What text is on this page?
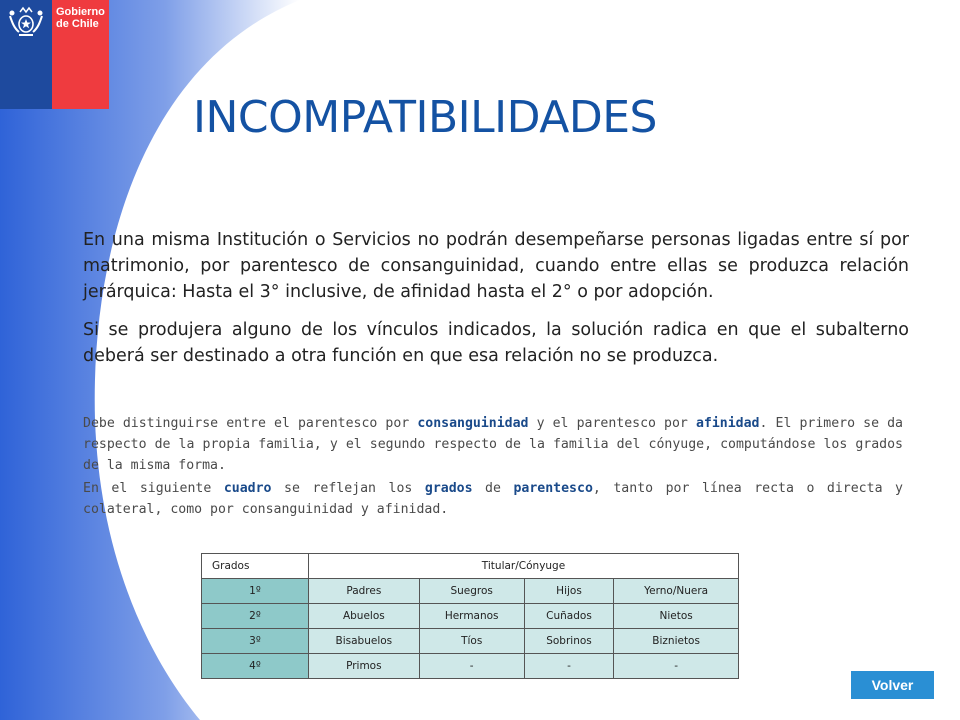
Gobierno
de Chile
INCOMPATIBILIDADES
En una misma Institución o Servicios no podrán desempeñarse personas ligadas entre sí por matrimonio, por parentesco de consanguinidad, cuando entre ellas se produzca relación jerárquica: Hasta el 3° inclusive, de afinidad hasta el 2° o por adopción.
Si se produjera alguno de los vínculos indicados, la solución radica en que el subalterno deberá ser destinado a otra función en que esa relación no se produzca.
Debe distinguirse entre el parentesco por consanguinidad y el parentesco por afinidad. El primero se da respecto de la propia familia, y el segundo respecto de la familia del cónyuge, computándose los grados de la misma forma.
En el siguiente cuadro se reflejan los grados de parentesco, tanto por línea recta o directa y colateral, como por consanguinidad y afinidad.
Grados	Titular/Cónyuge			
1º	Padres	Suegros	Hijos	Yerno/Nuera
2º	Abuelos	Hermanos	Cuñados	Nietos
3º	Bisabuelos	Tíos	Sobrinos	Biznietos
4º	Primos	-	-	-
Volver
